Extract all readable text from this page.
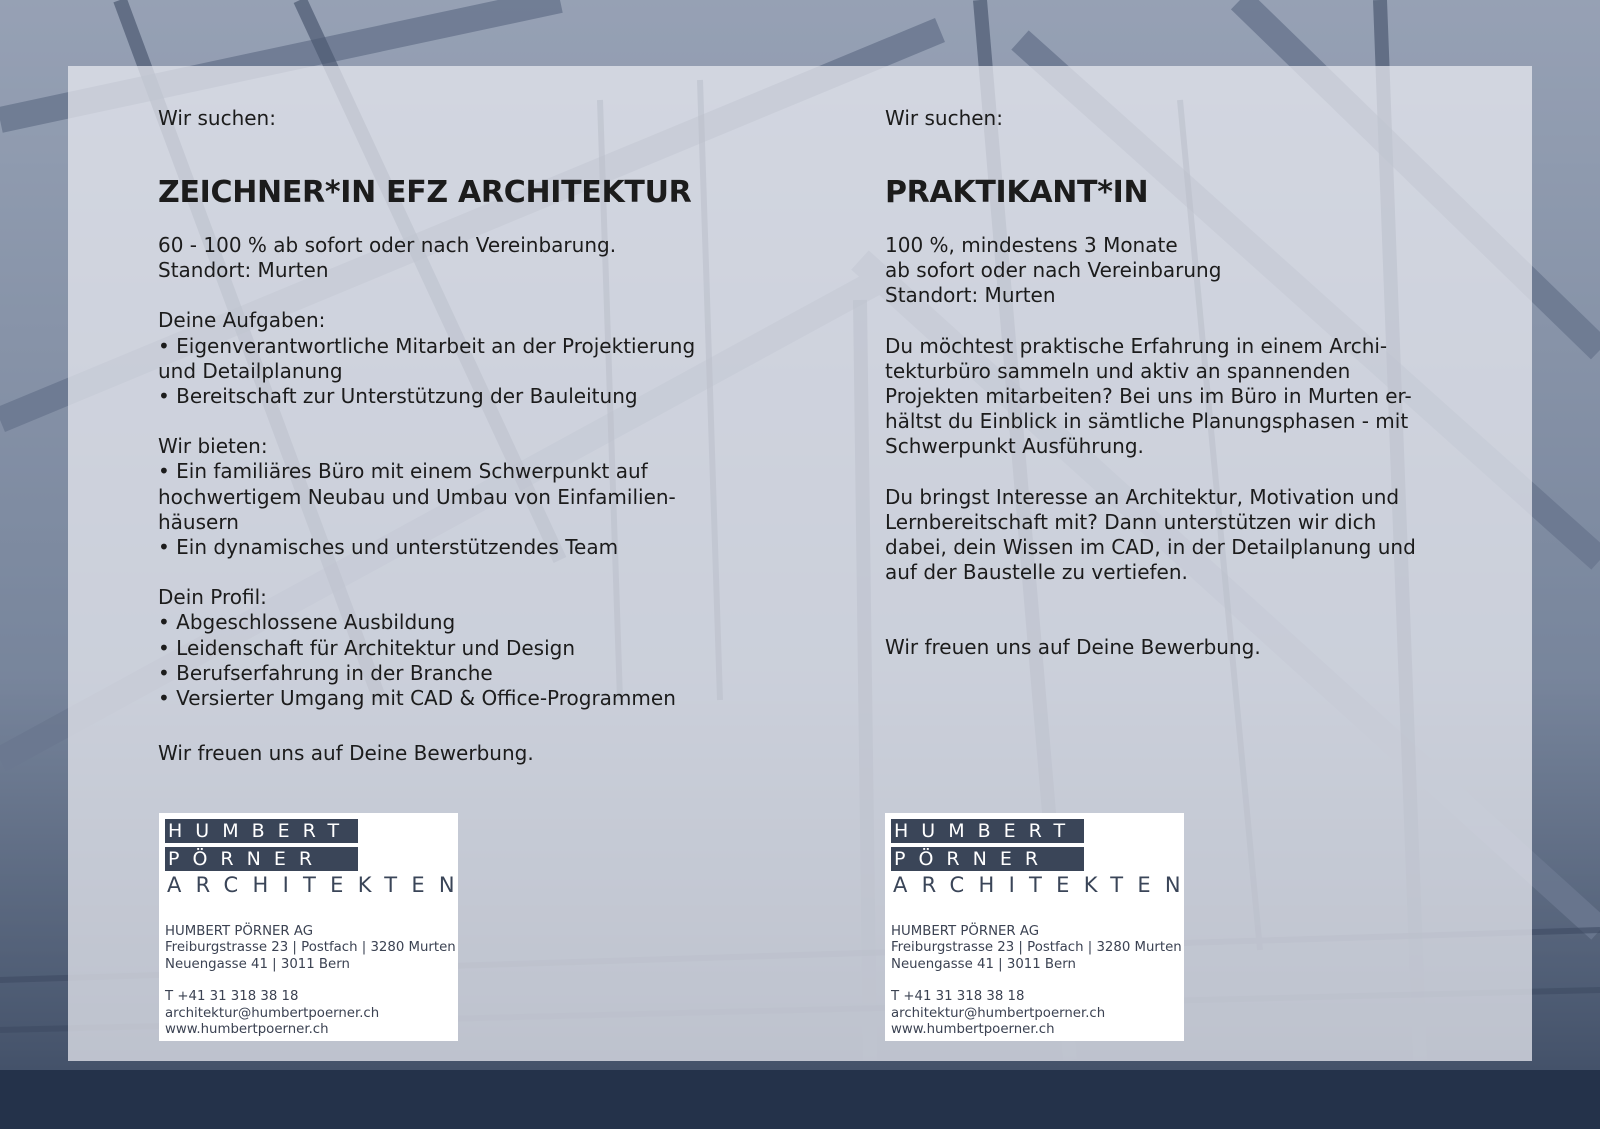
Wir suchen:

ZEICHNER*IN EFZ ARCHITEKTUR

60 - 100 % ab sofort oder nach Vereinbarung.
Standort: Murten

Deine Aufgaben:
• Eigenverantwortliche Mitarbeit an der Projektierung
und Detailplanung
• Bereitschaft zur Unterstützung der Bauleitung

Wir bieten:
• Ein familiäres Büro mit einem Schwerpunkt auf
hochwertigem Neubau und Umbau von Einfamilien-
häusern
• Ein dynamisches und unterstützendes Team

Dein Profil:
• Abgeschlossene Ausbildung
• Leidenschaft für Architektur und Design
• Berufserfahrung in der Branche
• Versierter Umgang mit CAD & Office-Programmen

Wir freuen uns auf Deine Bewerbung.

Wir suchen:

PRAKTIKANT*IN

100 %, mindestens 3 Monate
ab sofort oder nach Vereinbarung
Standort: Murten

Du möchtest praktische Erfahrung in einem Archi-
tekturbüro sammeln und aktiv an spannenden
Projekten mitarbeiten? Bei uns im Büro in Murten er-
hältst du Einblick in sämtliche Planungsphasen - mit
Schwerpunkt Ausführung.

Du bringst Interesse an Architektur, Motivation und
Lernbereitschaft mit? Dann unterstützen wir dich
dabei, dein Wissen im CAD, in der Detailplanung und
auf der Baustelle zu vertiefen.

Wir freuen uns auf Deine Bewerbung.

HUMBERT
PÖRNER
ARCHITEKTEN
HUMBERT PÖRNER AG
Freiburgstrasse 23 | Postfach | 3280 Murten
Neuengasse 41 | 3011 Bern
T +41 31 318 38 18
architektur@humbertpoerner.ch
www.humbertpoerner.ch
HUMBERT
PÖRNER
ARCHITEKTEN
HUMBERT PÖRNER AG
Freiburgstrasse 23 | Postfach | 3280 Murten
Neuengasse 41 | 3011 Bern
T +41 31 318 38 18
architektur@humbertpoerner.ch
www.humbertpoerner.ch
